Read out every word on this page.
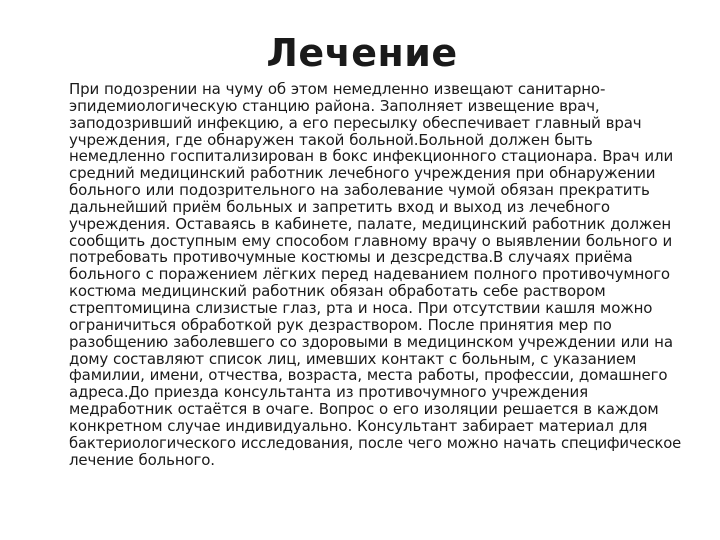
Лечение
При подозрении на чуму об этом немедленно извещают санитарно-
эпидемиологическую станцию района. Заполняет извещение врач,
заподозривший инфекцию, а его пересылку обеспечивает главный врач
учреждения, где обнаружен такой больной.Больной должен быть
немедленно госпитализирован в бокс инфекционного стационара. Врач или
средний медицинский работник лечебного учреждения при обнаружении
больного или подозрительного на заболевание чумой обязан прекратить
дальнейший приём больных и запретить вход и выход из лечебного
учреждения. Оставаясь в кабинете, палате, медицинский работник должен
сообщить доступным ему способом главному врачу о выявлении больного и
потребовать противочумные костюмы и дезсредства.В случаях приёма
больного с поражением лёгких перед надеванием полного противочумного
костюма медицинский работник обязан обработать себе раствором
стрептомицина слизистые глаз, рта и носа. При отсутствии кашля можно
ограничиться обработкой рук дезраствором. После принятия мер по
разобщению заболевшего со здоровыми в медицинском учреждении или на
дому составляют список лиц, имевших контакт с больным, с указанием
фамилии, имени, отчества, возраста, места работы, профессии, домашнего
адреса.До приезда консультанта из противочумного учреждения
медработник остаётся в очаге. Вопрос о его изоляции решается в каждом
конкретном случае индивидуально. Консультант забирает материал для
бактериологического исследования, после чего можно начать специфическое
лечение больного.
